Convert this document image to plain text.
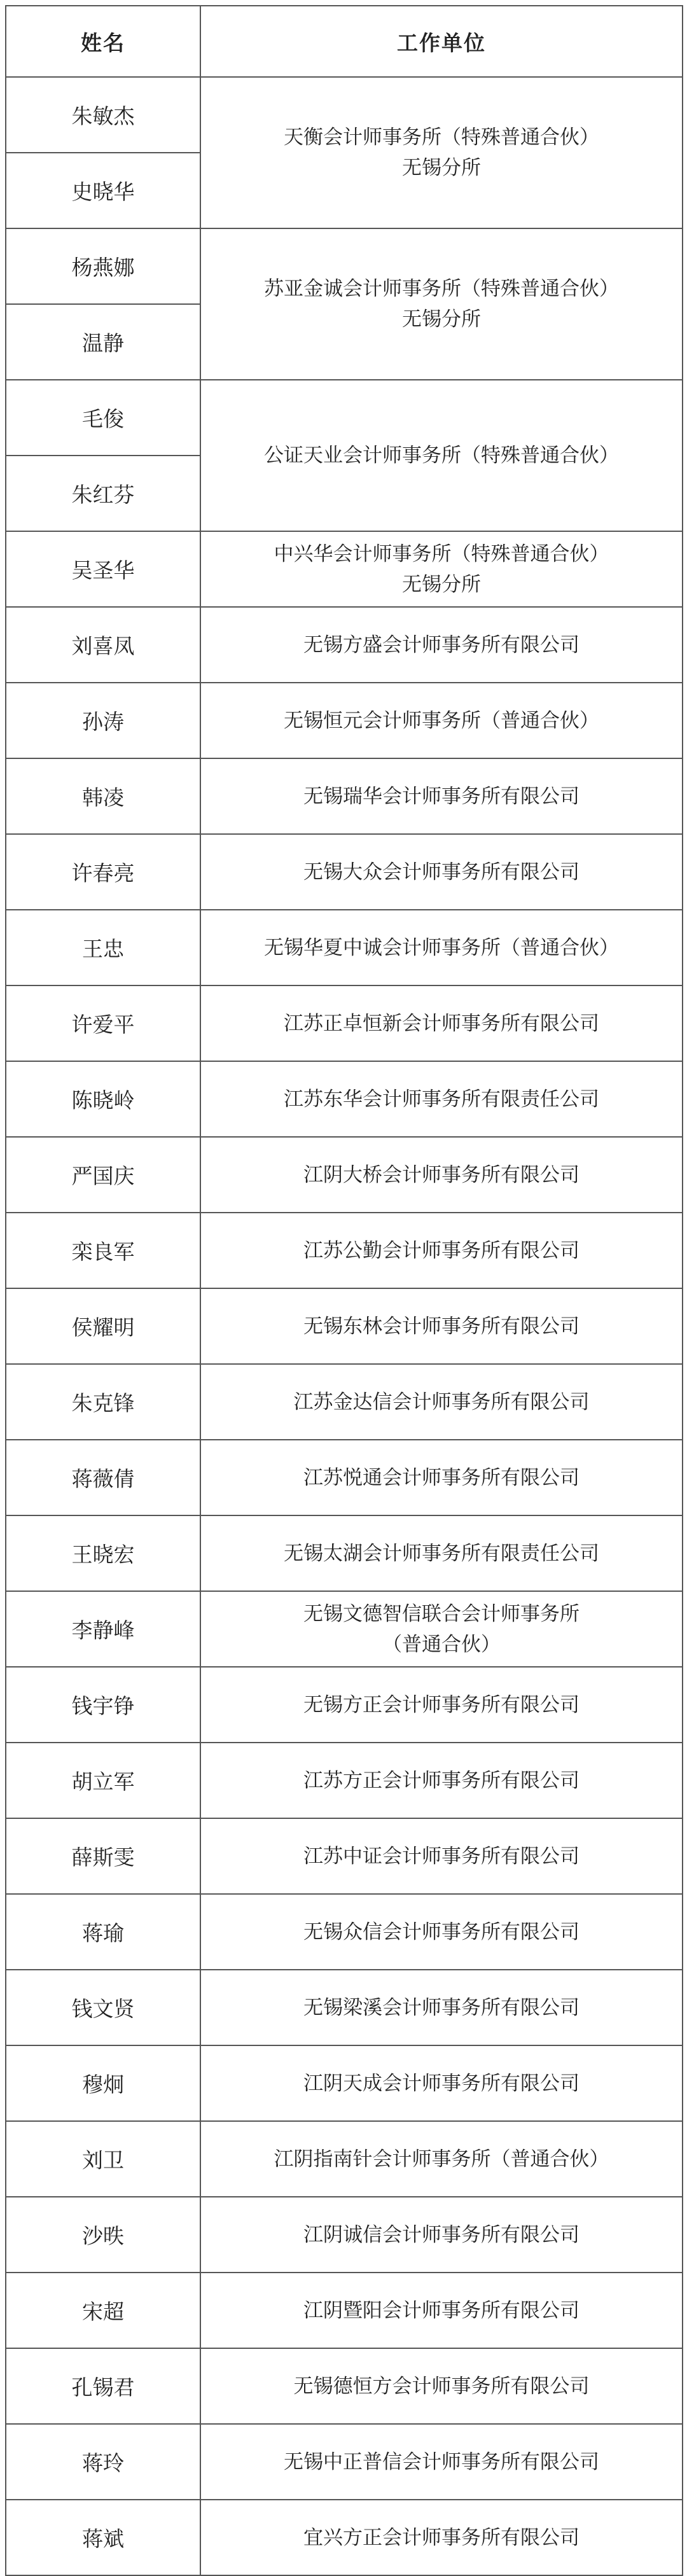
姓名	工作单位
朱敏杰	天衡会计师事务所（特殊普通合伙）
无锡分所

史晓华	
杨燕娜	苏亚金诚会计师事务所（特殊普通合伙）
无锡分所

温静	
毛俊	公证天业会计师事务所（特殊普通合伙）

朱红芬	
吴圣华	中兴华会计师事务所（特殊普通合伙）
无锡分所

刘喜凤	无锡方盛会计师事务所有限公司

孙涛	无锡恒元会计师事务所（普通合伙）

韩凌	无锡瑞华会计师事务所有限公司

许春亮	无锡大众会计师事务所有限公司

王忠	无锡华夏中诚会计师事务所（普通合伙）

许爱平	江苏正卓恒新会计师事务所有限公司

陈晓岭	江苏东华会计师事务所有限责任公司

严国庆	江阴大桥会计师事务所有限公司

栾良军	江苏公勤会计师事务所有限公司

侯耀明	无锡东林会计师事务所有限公司

朱克锋	江苏金达信会计师事务所有限公司

蒋薇倩	江苏悦通会计师事务所有限公司

王晓宏	无锡太湖会计师事务所有限责任公司

李静峰	无锡文德智信联合会计师事务所
（普通合伙）

钱宇铮	无锡方正会计师事务所有限公司

胡立军	江苏方正会计师事务所有限公司

薛斯雯	江苏中证会计师事务所有限公司

蒋瑜	无锡众信会计师事务所有限公司

钱文贤	无锡梁溪会计师事务所有限公司

穆炯	江阴天成会计师事务所有限公司

刘卫	江阴指南针会计师事务所（普通合伙）

沙昳	江阴诚信会计师事务所有限公司

宋超	江阴暨阳会计师事务所有限公司

孔锡君	无锡德恒方会计师事务所有限公司

蒋玲	无锡中正普信会计师事务所有限公司

蒋斌	宜兴方正会计师事务所有限公司
